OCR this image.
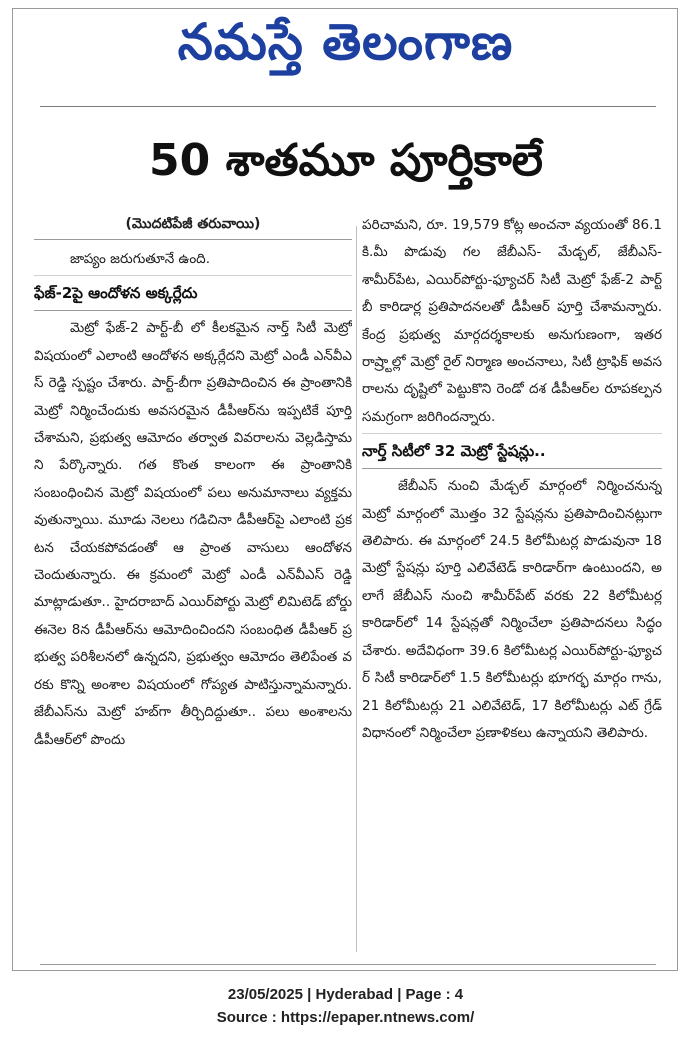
నమస్తే తెలంగాణ
50 శాతమూ పూర్తికాలే
(మొదటిపేజీ తరువాయి)

జాప్యం జరుగుతూనే ఉంది.

ఫేజ్‌-2పై ఆందోళన అక్కర్లేదు

మెట్రో ఫేజ్‌-2 పార్ట్‌-బీ లో కీలకమైన నార్త్‌ సిటీ మెట్రో విషయంలో ఎలాంటి ఆందోళన అక్కర్లేదని మెట్రో ఎండీ ఎన్‌వీఎస్‌ రెడ్డి స్పష్టం చేశారు. పార్ట్‌-బీగా ప్రతిపాదించిన ఈ ప్రాంతానికి మెట్రో నిర్మించేందుకు అవసరమైన డీపీఆర్‌ను ఇప్పటికే పూర్తి చేశామని, ప్రభుత్వ ఆమోదం తర్వాత వివరాలను వెల్లడిస్తామని పేర్కొన్నారు. గత కొంత కాలంగా ఈ ప్రాంతానికి సంబంధించిన మెట్రో విషయంలో పలు అనుమానాలు వ్యక్తమవుతున్నాయి. మూడు నెలలు గడిచినా డీపీఆర్‌పై ఎలాంటి ప్రకటన చేయకపోవడంతో ఆ ప్రాంత వాసులు ఆందోళన చెందుతున్నారు. ఈ క్రమంలో మెట్రో ఎండీ ఎన్‌వీఎస్‌ రెడ్డి మాట్లాడుతూ.. హైదరాబాద్‌ ఎయిర్‌పోర్టు మెట్రో లిమిటెడ్‌ బోర్డు ఈనెల 8న డీపీఆర్‌ను ఆమోదించిందని సంబంధిత డీపీఆర్‌ ప్రభుత్వ పరిశీలనలో ఉన్నదని, ప్రభుత్వం ఆమోదం తెలిపేంత వరకు కొన్ని అంశాల విషయంలో గోప్యత పాటిస్తున్నామన్నారు. జేబీఎస్‌ను మెట్రో హబ్‌గా తీర్చిదిద్దుతూ.. పలు అంశాలను డీపీఆర్‌లో పొందు

పరిచామని, రూ. 19,579 కోట్ల అంచనా వ్యయంతో 86.1కి.మీ పొడువు గల జేబీఎస్‌- మేడ్చల్‌, జేబీఎస్‌- శామీర్‌పేట, ఎయిర్‌పోర్టు-ఫ్యూచర్‌ సిటీ మెట్రో ఫేజ్‌-2 పార్ట్‌ బీ కారిడార్ల ప్రతిపాదనలతో డీపీఆర్‌ పూర్తి చేశామన్నారు. కేంద్ర ప్రభుత్వ మార్గదర్శకాలకు అనుగుణంగా, ఇతర రాష్ర్టాల్లో మెట్రో రైల్‌ నిర్మాణ అంచనాలు, సిటీ ట్రాఫిక్‌ అవసరాలను దృష్టిలో పెట్టుకొని రెండో దశ డీపీఆర్‌ల రూపకల్పన సమగ్రంగా జరిగిందన్నారు.

నార్త్‌ సిటీలో 32 మెట్రో స్టేషన్లు..

జేబీఎస్‌ నుంచి మేడ్చల్‌ మార్గంలో నిర్మించనున్న మెట్రో మార్గంలో మొత్తం 32 స్టేషన్లను ప్రతిపాదించినట్లుగా తెలిపారు. ఈ మార్గంలో 24.5 కిలోమీటర్ల పొడువునా 18 మెట్రో స్టేషన్లు పూర్తి ఎలివేటెడ్‌ కారిడార్‌గా ఉంటుందని, అలాగే జేబీఎస్‌ నుంచి శామీర్‌పేట్‌ వరకు 22 కిలోమీటర్ల కారిడార్‌లో 14 స్టేషన్లతో నిర్మించేలా ప్రతిపాదనలు సిద్ధం చేశారు. అదేవిధంగా 39.6 కిలోమీటర్ల ఎయిర్‌పోర్టు-ఫ్యూచర్‌ సిటీ కారిడార్‌లో 1.5 కిలోమీటర్లు భూగర్భ మార్గం గాను, 21 కిలోమీటర్లు 21 ఎలివేటెడ్‌, 17 కిలోమీటర్లు ఎట్‌ గ్రేడ్‌ విధానంలో నిర్మించేలా ప్రణాళికలు ఉన్నాయని తెలిపారు.

23/05/2025 | Hyderabad | Page : 4
Source : https://epaper.ntnews.com/
